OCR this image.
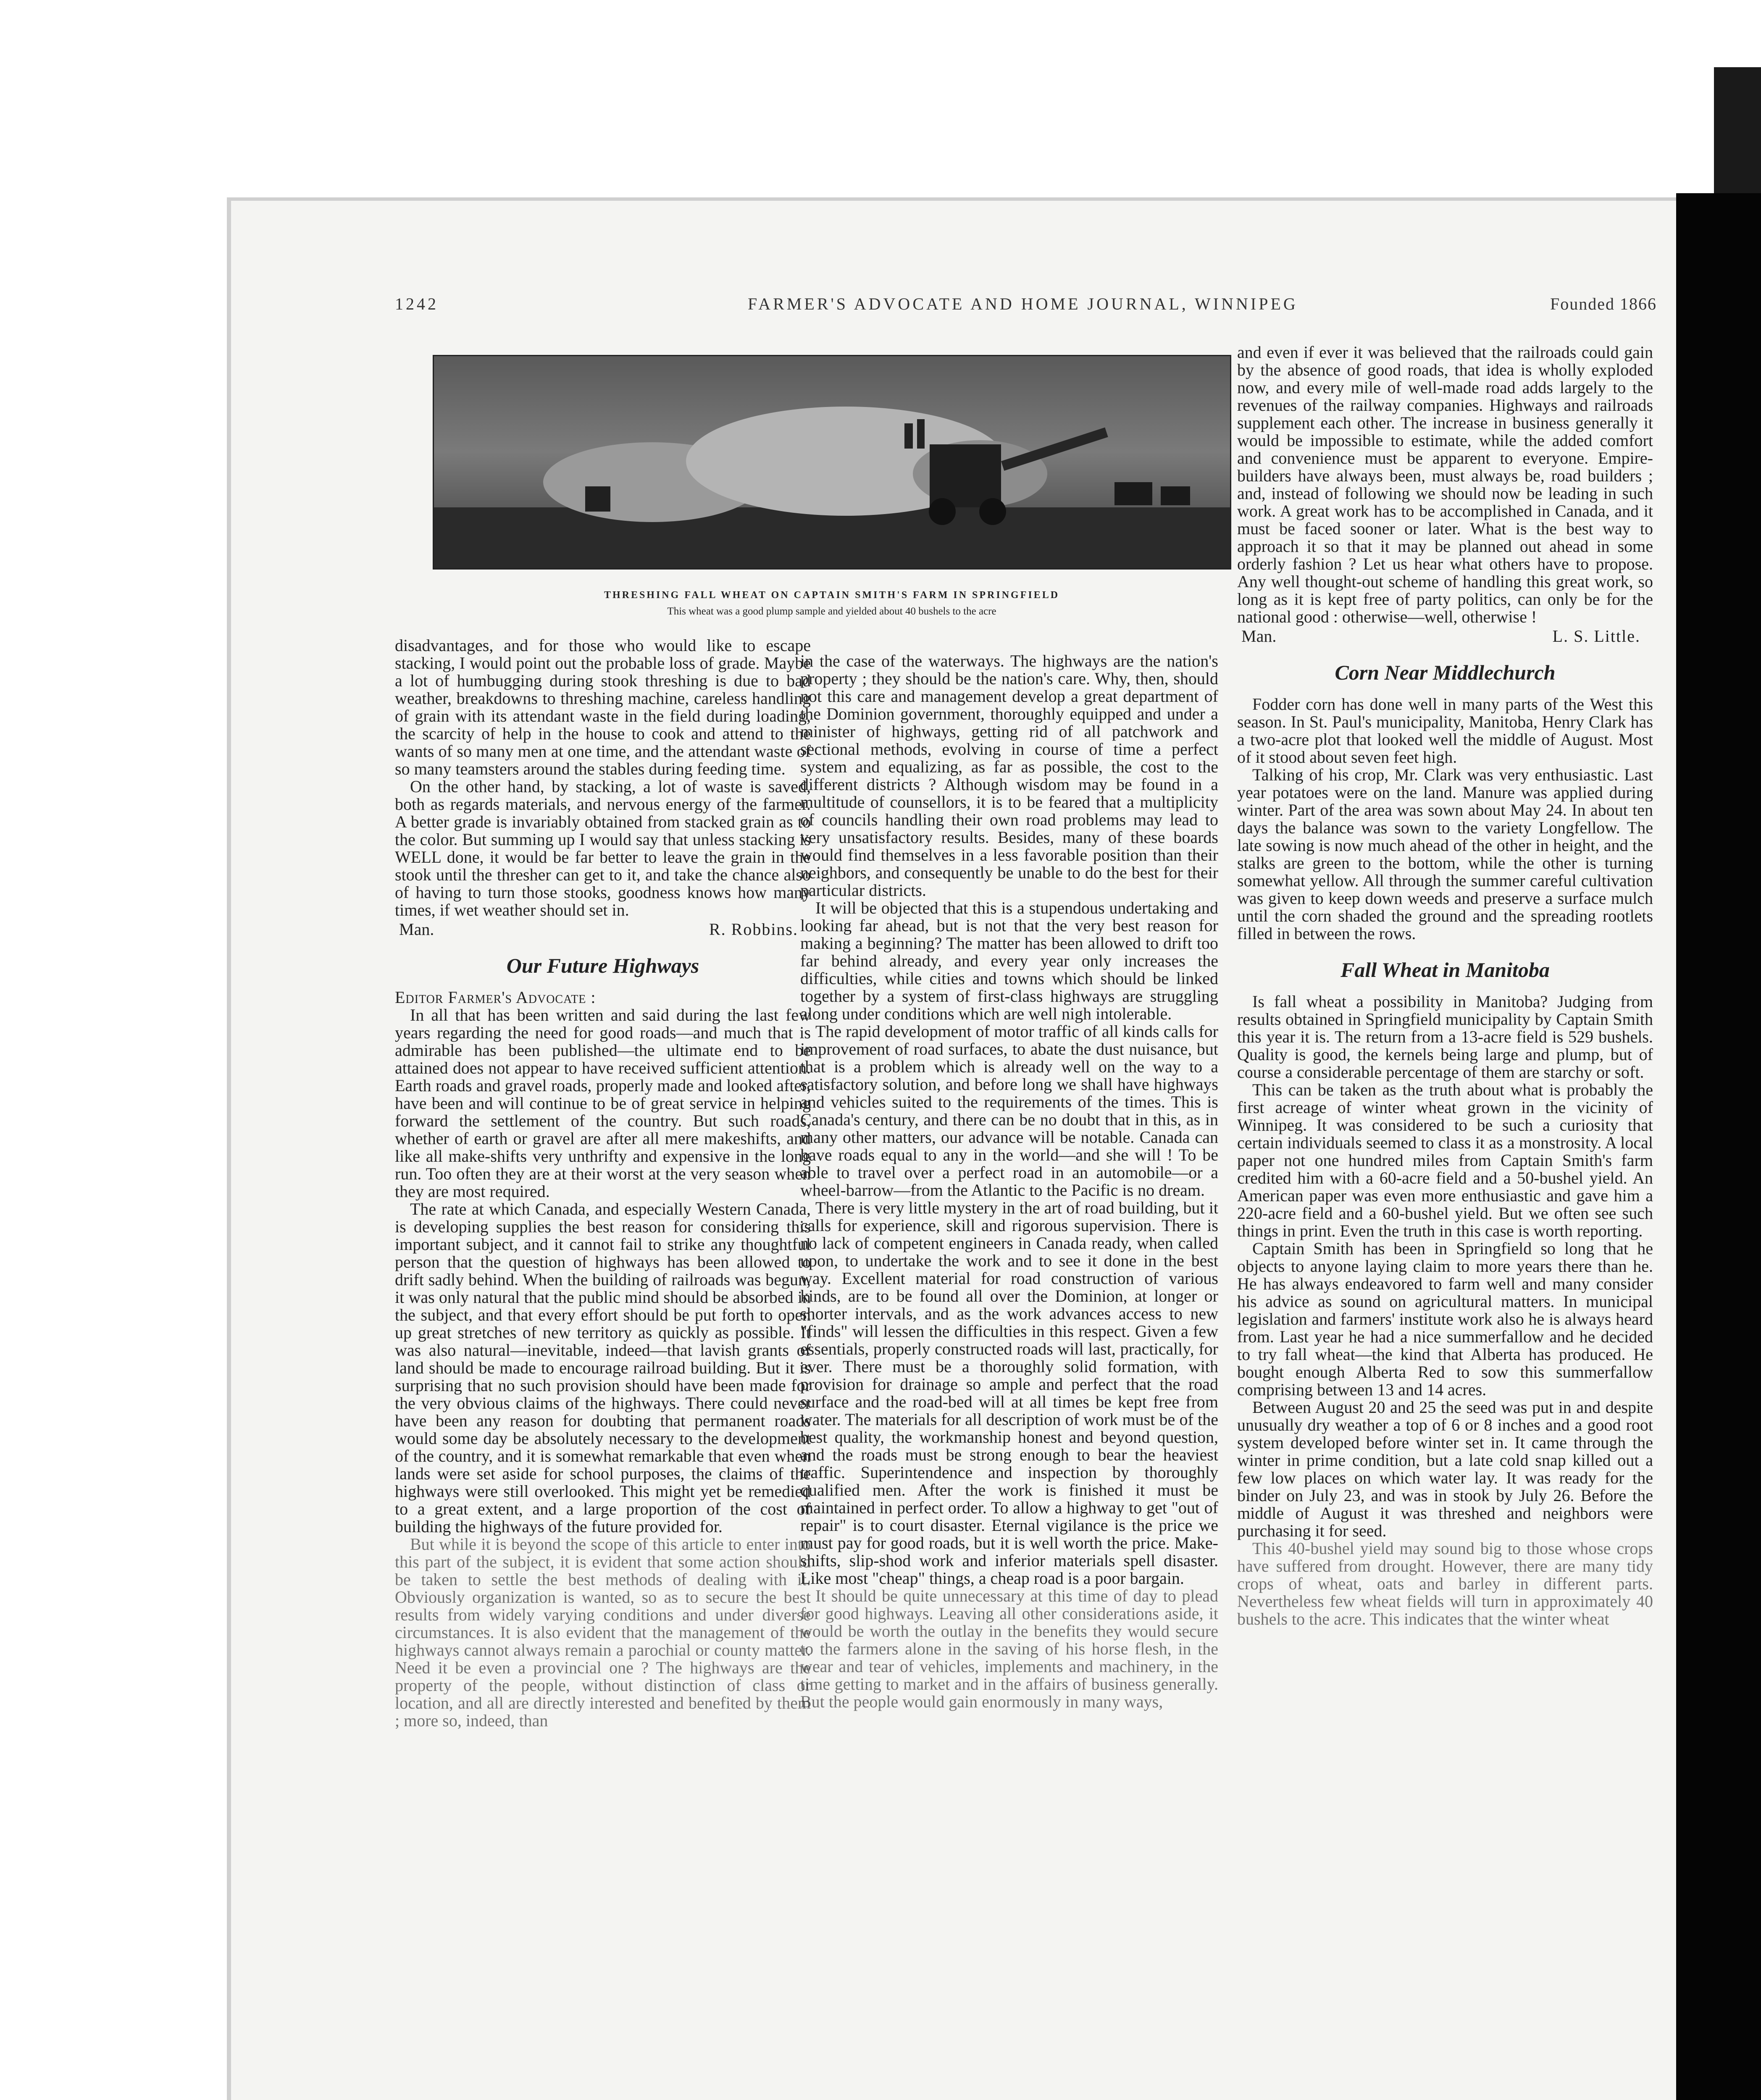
1242	FARMER'S ADVOCATE AND HOME JOURNAL, WINNIPEG	Founded 1866
THRESHING FALL WHEAT ON CAPTAIN SMITH'S FARM IN SPRINGFIELD
This wheat was a good plump sample and yielded about 40 bushels to the acre

disadvantages, and for those who would like to escape stacking, I would point out the probable loss of grade. Maybe a lot of humbugging during stook threshing is due to bad weather, breakdowns to threshing machine, careless handling of grain with its attendant waste in the field during loading, the scarcity of help in the house to cook and attend to the wants of so many men at one time, and the attendant waste of so many teamsters around the stables during feeding time.

On the other hand, by stacking, a lot of waste is saved, both as regards materials, and nervous energy of the farmer. A better grade is invariably obtained from stacked grain as to the color. But summing up I would say that unless stacking is WELL done, it would be far better to leave the grain in the stook until the thresher can get to it, and take the chance also of having to turn those stooks, goodness knows how many times, if wet weather should set in.

Man.	R. Robbins.
Our Future Highways

Editor Farmer's Advocate :

In all that has been written and said during the last few years regarding the need for good roads—and much that is admirable has been published—the ultimate end to be attained does not appear to have received sufficient attention. Earth roads and gravel roads, properly made and looked after, have been and will continue to be of great service in helping forward the settlement of the country. But such roads, whether of earth or gravel are after all mere makeshifts, and like all make-shifts very unthrifty and expensive in the long run. Too often they are at their worst at the very season when they are most required.

The rate at which Canada, and especially Western Canada, is developing supplies the best reason for considering this important subject, and it cannot fail to strike any thoughtful person that the question of highways has been allowed to drift sadly behind. When the building of railroads was begun, it was only natural that the public mind should be absorbed in the subject, and that every effort should be put forth to open up great stretches of new territory as quickly as possible. It was also natural—inevitable, indeed—that lavish grants of land should be made to encourage railroad building. But it is surprising that no such provision should have been made for the very obvious claims of the highways. There could never have been any reason for doubting that permanent roads would some day be absolutely necessary to the development of the country, and it is somewhat remarkable that even when lands were set aside for school purposes, the claims of the highways were still overlooked. This might yet be remedied to a great extent, and a large proportion of the cost of building the highways of the future provided for.

But while it is beyond the scope of this article to enter into this part of the subject, it is evident that some action should be taken to settle the best methods of dealing with it. Obviously organization is wanted, so as to secure the best results from widely varying conditions and under diverse circumstances. It is also evident that the management of the highways cannot always remain a parochial or county matter. Need it be even a provincial one ? The highways are the property of the people, without distinction of class or location, and all are directly interested and benefited by them ; more so, indeed, than

in the case of the waterways. The highways are the nation's property ; they should be the nation's care. Why, then, should not this care and management develop a great department of the Dominion government, thoroughly equipped and under a minister of highways, getting rid of all patchwork and sectional methods, evolving in course of time a perfect system and equalizing, as far as possible, the cost to the different districts ? Although wisdom may be found in a multitude of counsellors, it is to be feared that a multiplicity of councils handling their own road problems may lead to very unsatisfactory results. Besides, many of these boards would find themselves in a less favorable position than their neighbors, and consequently be unable to do the best for their particular districts.

It will be objected that this is a stupendous undertaking and looking far ahead, but is not that the very best reason for making a beginning? The matter has been allowed to drift too far behind already, and every year only increases the difficulties, while cities and towns which should be linked together by a system of first-class highways are struggling along under conditions which are well nigh intolerable.

The rapid development of motor traffic of all kinds calls for improvement of road surfaces, to abate the dust nuisance, but that is a problem which is already well on the way to a satisfactory solution, and before long we shall have highways and vehicles suited to the requirements of the times. This is Canada's century, and there can be no doubt that in this, as in many other matters, our advance will be notable. Canada can have roads equal to any in the world—and she will ! To be able to travel over a perfect road in an automobile—or a wheel-barrow—from the Atlantic to the Pacific is no dream.

There is very little mystery in the art of road building, but it calls for experience, skill and rigorous supervision. There is no lack of competent engineers in Canada ready, when called upon, to undertake the work and to see it done in the best way. Excellent material for road construction of various kinds, are to be found all over the Dominion, at longer or shorter intervals, and as the work advances access to new "finds" will lessen the difficulties in this respect. Given a few essentials, properly constructed roads will last, practically, for ever. There must be a thoroughly solid formation, with provision for drainage so ample and perfect that the road surface and the road-bed will at all times be kept free from water. The materials for all description of work must be of the best quality, the workmanship honest and beyond question, and the roads must be strong enough to bear the heaviest traffic. Superintendence and inspection by thoroughly qualified men. After the work is finished it must be maintained in perfect order. To allow a highway to get "out of repair" is to court disaster. Eternal vigilance is the price we must pay for good roads, but it is well worth the price. Make-shifts, slip-shod work and inferior materials spell disaster. Like most "cheap" things, a cheap road is a poor bargain.

It should be quite unnecessary at this time of day to plead for good highways. Leaving all other considerations aside, it would be worth the outlay in the benefits they would secure to the farmers alone in the saving of his horse flesh, in the wear and tear of vehicles, implements and machinery, in the time getting to market and in the affairs of business generally. But the people would gain enormously in many ways,

and even if ever it was believed that the railroads could gain by the absence of good roads, that idea is wholly exploded now, and every mile of well-made road adds largely to the revenues of the railway companies. Highways and railroads supplement each other. The increase in business generally it would be impossible to estimate, while the added comfort and convenience must be apparent to everyone. Empire-builders have always been, must always be, road builders ; and, instead of following we should now be leading in such work. A great work has to be accomplished in Canada, and it must be faced sooner or later. What is the best way to approach it so that it may be planned out ahead in some orderly fashion ? Let us hear what others have to propose. Any well thought-out scheme of handling this great work, so long as it is kept free of party politics, can only be for the national good : otherwise—well, otherwise !

Man.	L. S. Little.
Corn Near Middlechurch

Fodder corn has done well in many parts of the West this season. In St. Paul's municipality, Manitoba, Henry Clark has a two-acre plot that looked well the middle of August. Most of it stood about seven feet high.

Talking of his crop, Mr. Clark was very enthusiastic. Last year potatoes were on the land. Manure was applied during winter. Part of the area was sown about May 24. In about ten days the balance was sown to the variety Longfellow. The late sowing is now much ahead of the other in height, and the stalks are green to the bottom, while the other is turning somewhat yellow. All through the summer careful cultivation was given to keep down weeds and preserve a surface mulch until the corn shaded the ground and the spreading rootlets filled in between the rows.

Fall Wheat in Manitoba

Is fall wheat a possibility in Manitoba? Judging from results obtained in Springfield municipality by Captain Smith this year it is. The return from a 13-acre field is 529 bushels. Quality is good, the kernels being large and plump, but of course a considerable percentage of them are starchy or soft.

This can be taken as the truth about what is probably the first acreage of winter wheat grown in the vicinity of Winnipeg. It was considered to be such a curiosity that certain individuals seemed to class it as a monstrosity. A local paper not one hundred miles from Captain Smith's farm credited him with a 60-acre field and a 50-bushel yield. An American paper was even more enthusiastic and gave him a 220-acre field and a 60-bushel yield. But we often see such things in print. Even the truth in this case is worth reporting.

Captain Smith has been in Springfield so long that he objects to anyone laying claim to more years there than he. He has always endeavored to farm well and many consider his advice as sound on agricultural matters. In municipal legislation and farmers' institute work also he is always heard from. Last year he had a nice summerfallow and he decided to try fall wheat—the kind that Alberta has produced. He bought enough Alberta Red to sow this summerfallow comprising between 13 and 14 acres.

Between August 20 and 25 the seed was put in and despite unusually dry weather a top of 6 or 8 inches and a good root system developed before winter set in. It came through the winter in prime condition, but a late cold snap killed out a few low places on which water lay. It was ready for the binder on July 23, and was in stook by July 26. Before the middle of August it was threshed and neighbors were purchasing it for seed.

This 40-bushel yield may sound big to those whose crops have suffered from drought. However, there are many tidy crops of wheat, oats and barley in different parts. Nevertheless few wheat fields will turn in approximately 40 bushels to the acre. This indicates that the winter wheat
